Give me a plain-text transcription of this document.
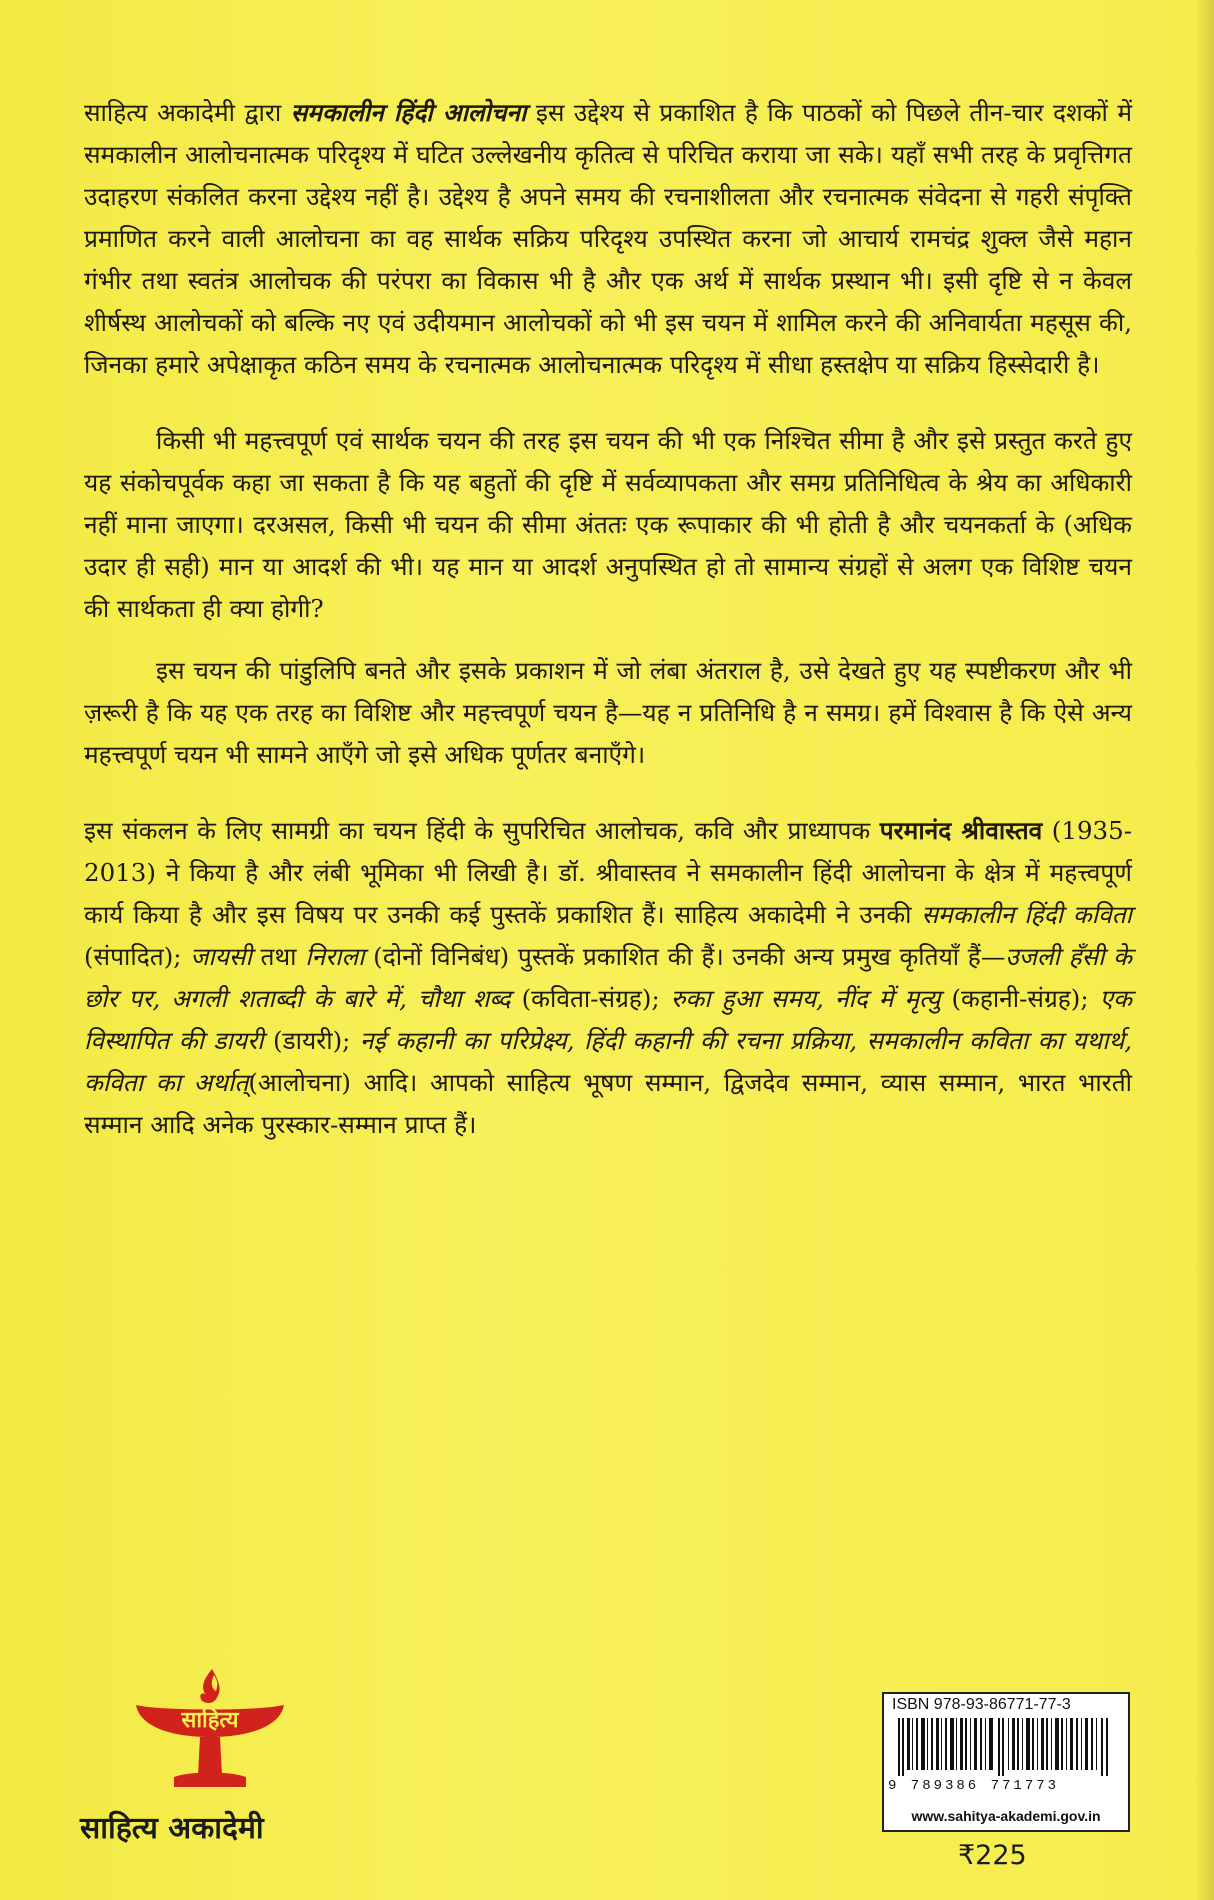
साहित्य अकादेमी द्वारा समकालीन हिंदी आलोचना इस उद्देश्य से प्रकाशित है कि पाठकों को पिछले तीन-चार दशकों में समकालीन आलोचनात्मक परिदृश्य में घटित उल्लेखनीय कृतित्व से परिचित कराया जा सके। यहाँ सभी तरह के प्रवृत्तिगत उदाहरण संकलित करना उद्देश्य नहीं है। उद्देश्य है अपने समय की रचनाशीलता और रचनात्मक संवेदना से गहरी संपृक्ति प्रमाणित करने वाली आलोचना का वह सार्थक सक्रिय परिदृश्य उपस्थित करना जो आचार्य रामचंद्र शुक्ल जैसे महान गंभीर तथा स्वतंत्र आलोचक की परंपरा का विकास भी है और एक अर्थ में सार्थक प्रस्थान भी। इसी दृष्टि से न केवल शीर्षस्थ आलोचकों को बल्कि नए एवं उदीयमान आलोचकों को भी इस चयन में शामिल करने की अनिवार्यता महसूस की, जिनका हमारे अपेक्षाकृत कठिन समय के रचनात्मक आलोचनात्मक परिदृश्य में सीधा हस्तक्षेप या सक्रिय हिस्सेदारी है।

किसी भी महत्त्वपूर्ण एवं सार्थक चयन की तरह इस चयन की भी एक निश्चित सीमा है और इसे प्रस्तुत करते हुए यह संकोचपूर्वक कहा जा सकता है कि यह बहुतों की दृष्टि में सर्वव्यापकता और समग्र प्रतिनिधित्व के श्रेय का अधिकारी नहीं माना जाएगा। दरअसल, किसी भी चयन की सीमा अंततः एक रूपाकार की भी होती है और चयनकर्ता के (अधिक उदार ही सही) मान या आदर्श की भी। यह मान या आदर्श अनुपस्थित हो तो सामान्य संग्रहों से अलग एक विशिष्ट चयन की सार्थकता ही क्या होगी?

इस चयन की पांडुलिपि बनते और इसके प्रकाशन में जो लंबा अंतराल है, उसे देखते हुए यह स्पष्टीकरण और भी ज़रूरी है कि यह एक तरह का विशिष्ट और महत्त्वपूर्ण चयन है—यह न प्रतिनिधि है न समग्र। हमें विश्वास है कि ऐसे अन्य महत्त्वपूर्ण चयन भी सामने आएँगे जो इसे अधिक पूर्णतर बनाएँगे।

इस संकलन के लिए सामग्री का चयन हिंदी के सुपरिचित आलोचक, कवि और प्राध्यापक परमानंद श्रीवास्तव (1935-2013) ने किया है और लंबी भूमिका भी लिखी है। डॉ. श्रीवास्तव ने समकालीन हिंदी आलोचना के क्षेत्र में महत्त्वपूर्ण कार्य किया है और इस विषय पर उनकी कई पुस्तकें प्रकाशित हैं। साहित्य अकादेमी ने उनकी समकालीन हिंदी कविता (संपादित); जायसी तथा निराला (दोनों विनिबंध) पुस्तकें प्रकाशित की हैं। उनकी अन्य प्रमुख कृतियाँ हैं—उजली हँसी के छोर पर, अगली शताब्दी के बारे में, चौथा शब्द (कविता-संग्रह); रुका हुआ समय, नींद में मृत्यु (कहानी-संग्रह); एक विस्थापित की डायरी (डायरी); नई कहानी का परिप्रेक्ष्य, हिंदी कहानी की रचना प्रक्रिया, समकालीन कविता का यथार्थ, कविता का अर्थात्(आलोचना) आदि। आपको साहित्य भूषण सम्मान, द्विजदेव सम्मान, व्यास सम्मान, भारत भारती सम्मान आदि अनेक पुरस्कार-सम्मान प्राप्त हैं।

साहित्य
साहित्य अकादेमी
ISBN 978-93-86771-77-3
9 789386 771773
www.sahitya-akademi.gov.in
₹225
